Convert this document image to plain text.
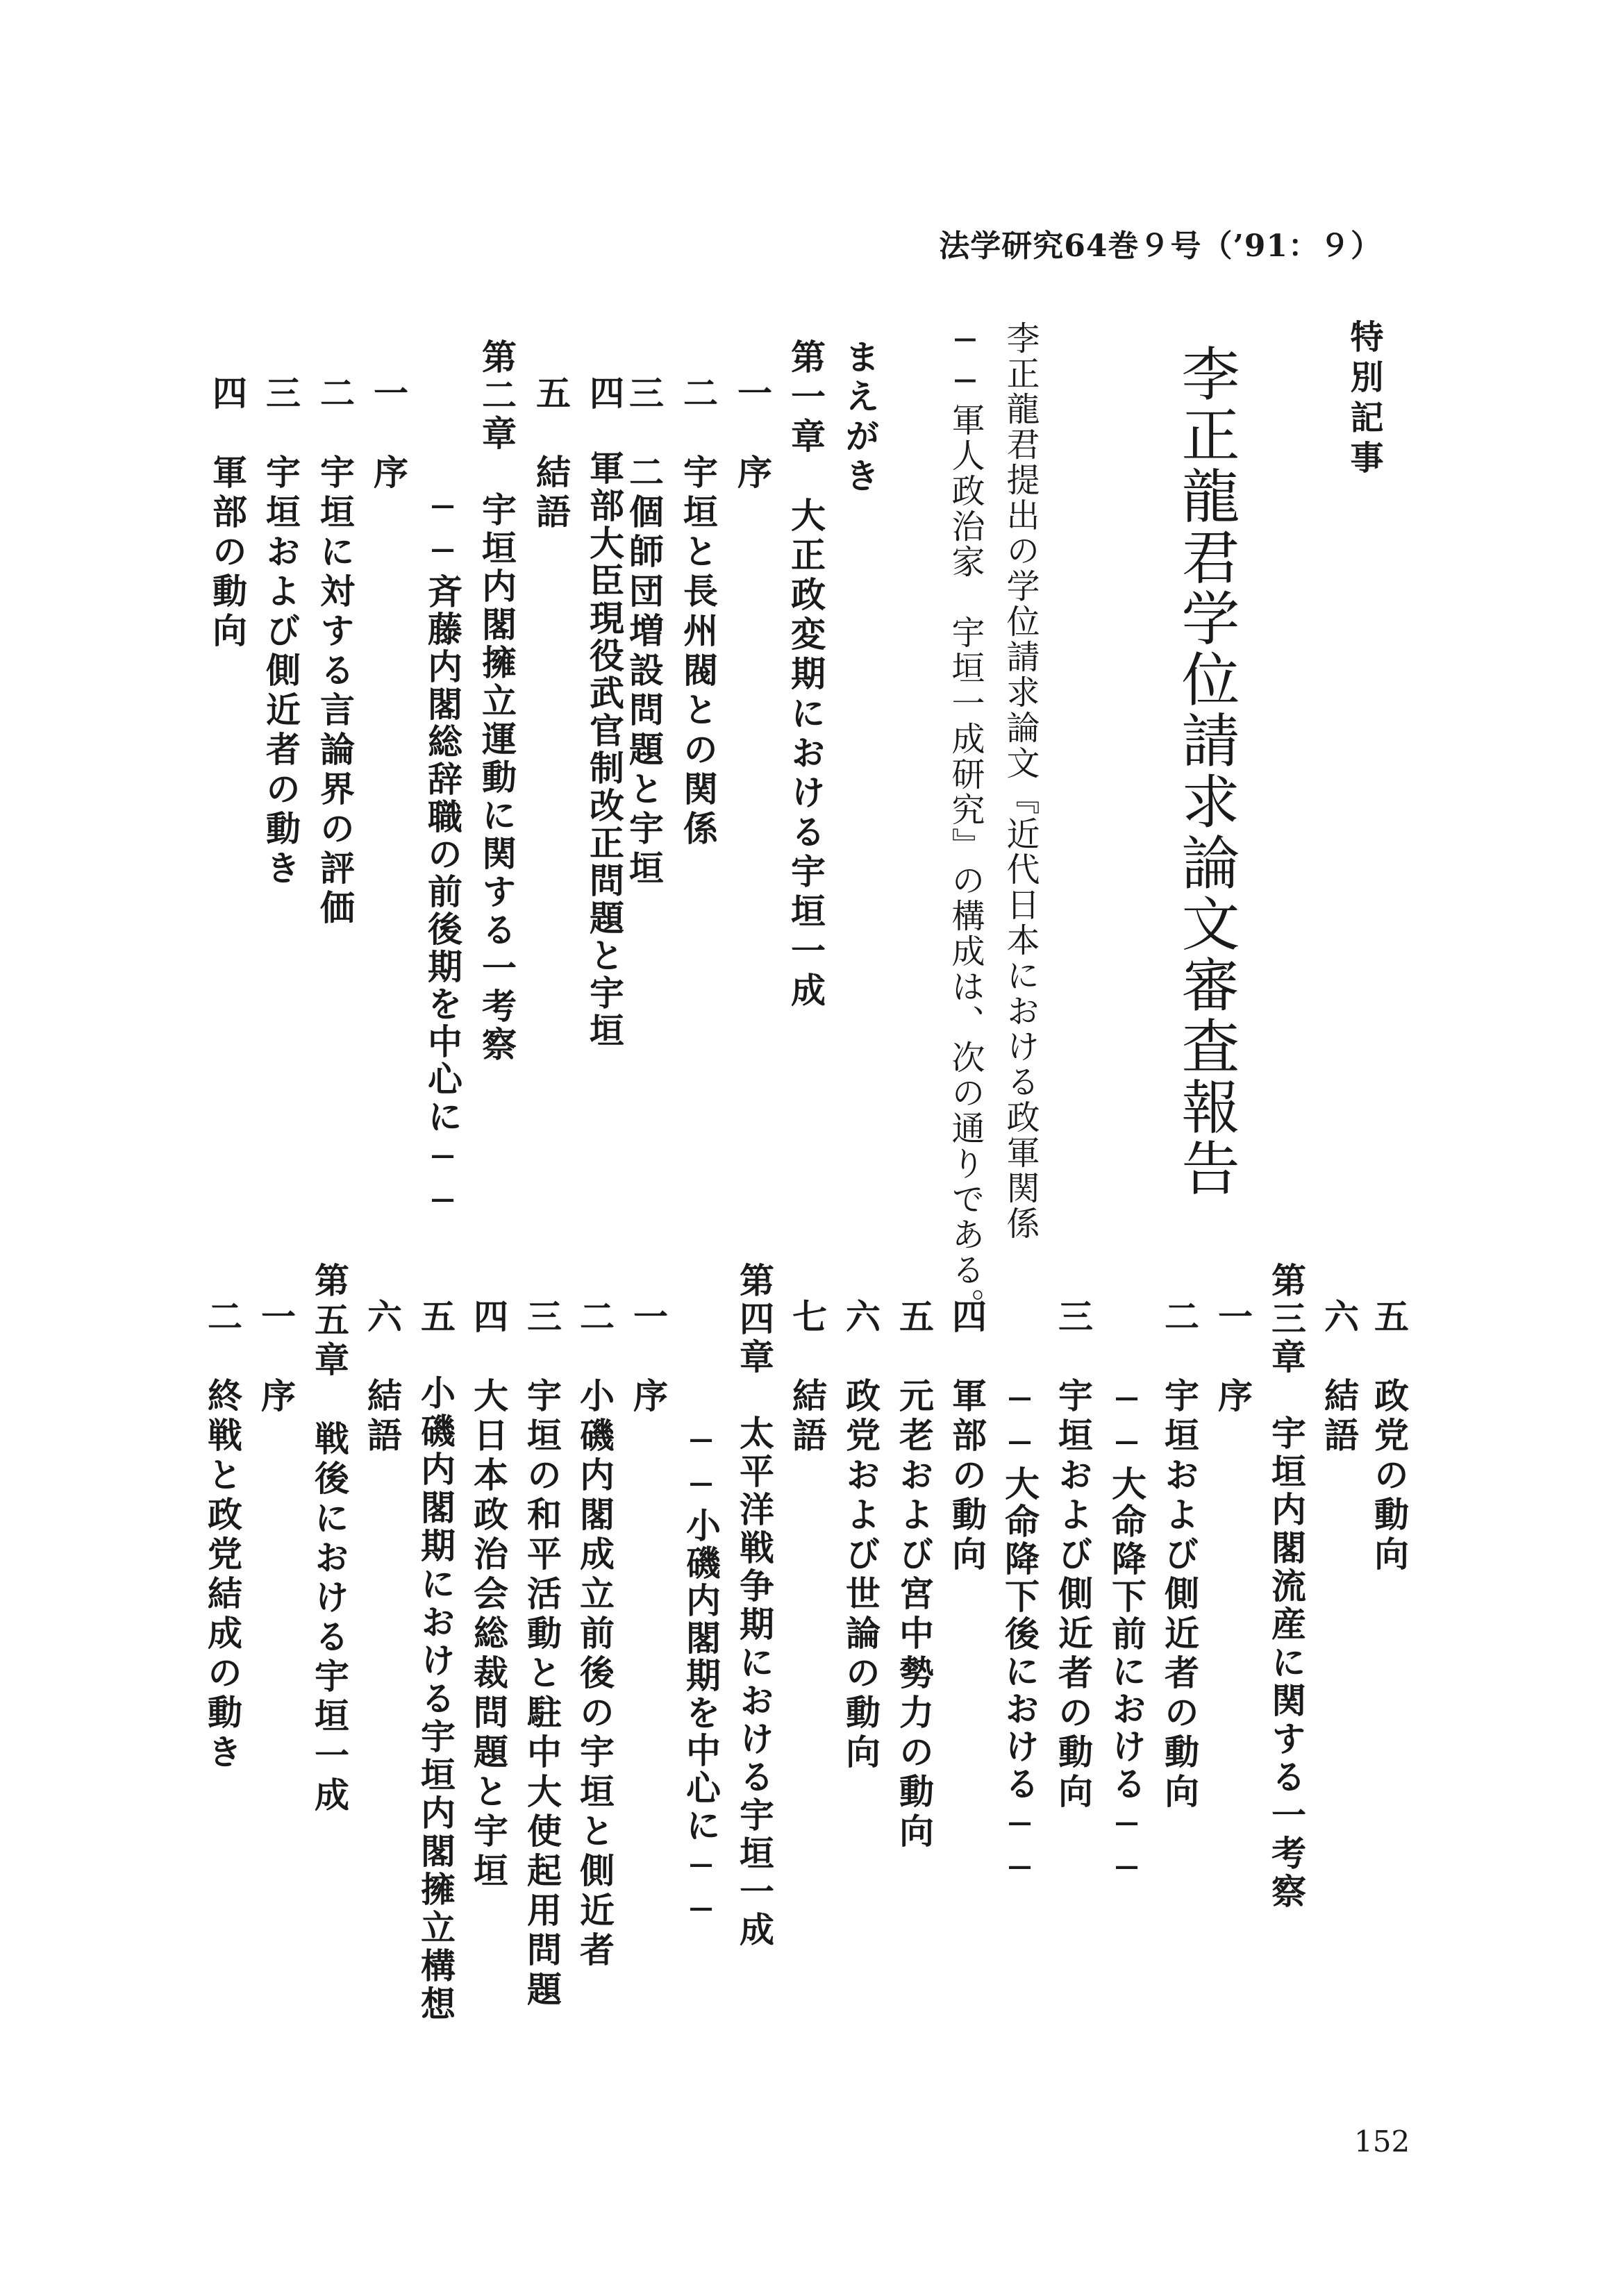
法学研究64巻９号（’91：９）
特別記事
李正龍君学位請求論文審査報告
李正龍君提出の学位請求論文『近代日本における政軍関係
──軍人政治家　宇垣一成研究』の構成は、次の通りである。
まえがき
第一章　大正政変期における宇垣一成
一　序
二　宇垣と長州閥との関係
三　二個師団増設問題と宇垣
四　軍部大臣現役武官制改正問題と宇垣
五　結語
第二章　宇垣内閣擁立運動に関する一考察
──斉藤内閣総辞職の前後期を中心に──
一　序
二　宇垣に対する言論界の評価
三　宇垣および側近者の動き
四　軍部の動向
五　政党の動向
六　結語
第三章　宇垣内閣流産に関する一考察
一　序
二　宇垣および側近者の動向
──大命降下前における──
三　宇垣および側近者の動向
──大命降下後における──
四　軍部の動向
五　元老および宮中勢力の動向
六　政党および世論の動向
七　結語
第四章　太平洋戦争期における宇垣一成
──小磯内閣期を中心に──
一　序
二　小磯内閣成立前後の宇垣と側近者
三　宇垣の和平活動と駐中大使起用問題
四　大日本政治会総裁問題と宇垣
五　小磯内閣期における宇垣内閣擁立構想
六　結語
第五章　戦後における宇垣一成
一　序
二　終戦と政党結成の動き
152
